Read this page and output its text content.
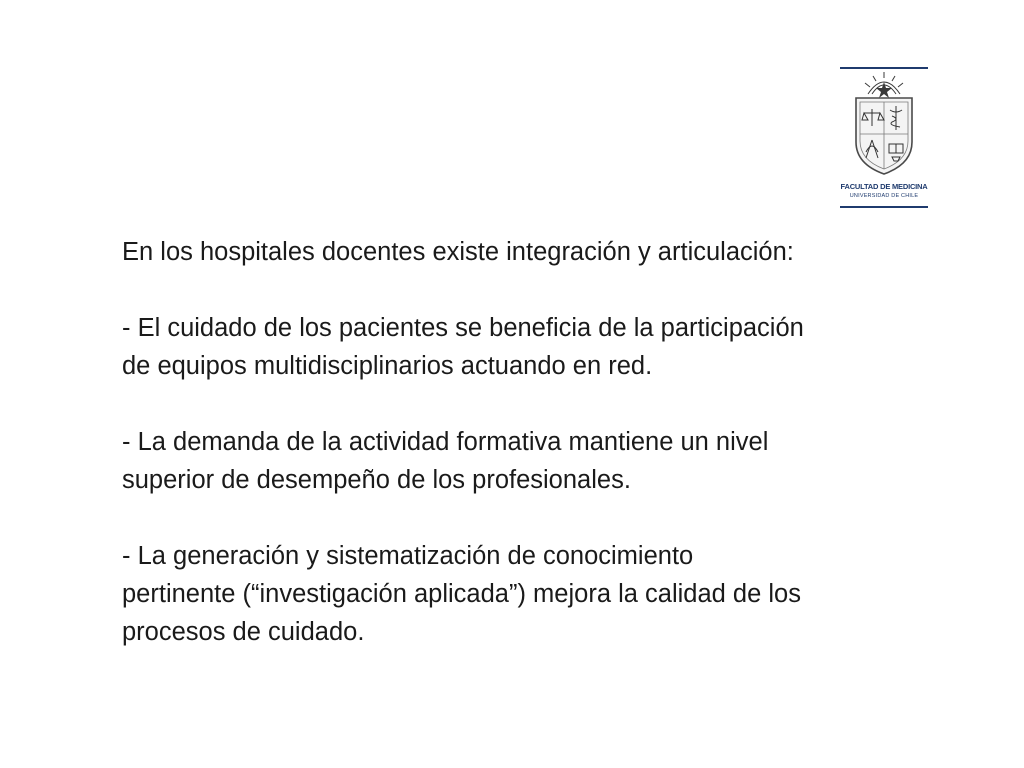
FACULTAD DE MEDICINA
UNIVERSIDAD DE CHILE

En los hospitales docentes existe integración y articulación:

- El cuidado de los pacientes se beneficia de la participación
de equipos multidisciplinarios actuando en red.

- La demanda de la actividad formativa mantiene un nivel
superior de desempeño de los profesionales.

- La generación y sistematización de conocimiento
pertinente (“investigación aplicada”) mejora la calidad de los
procesos de cuidado.
